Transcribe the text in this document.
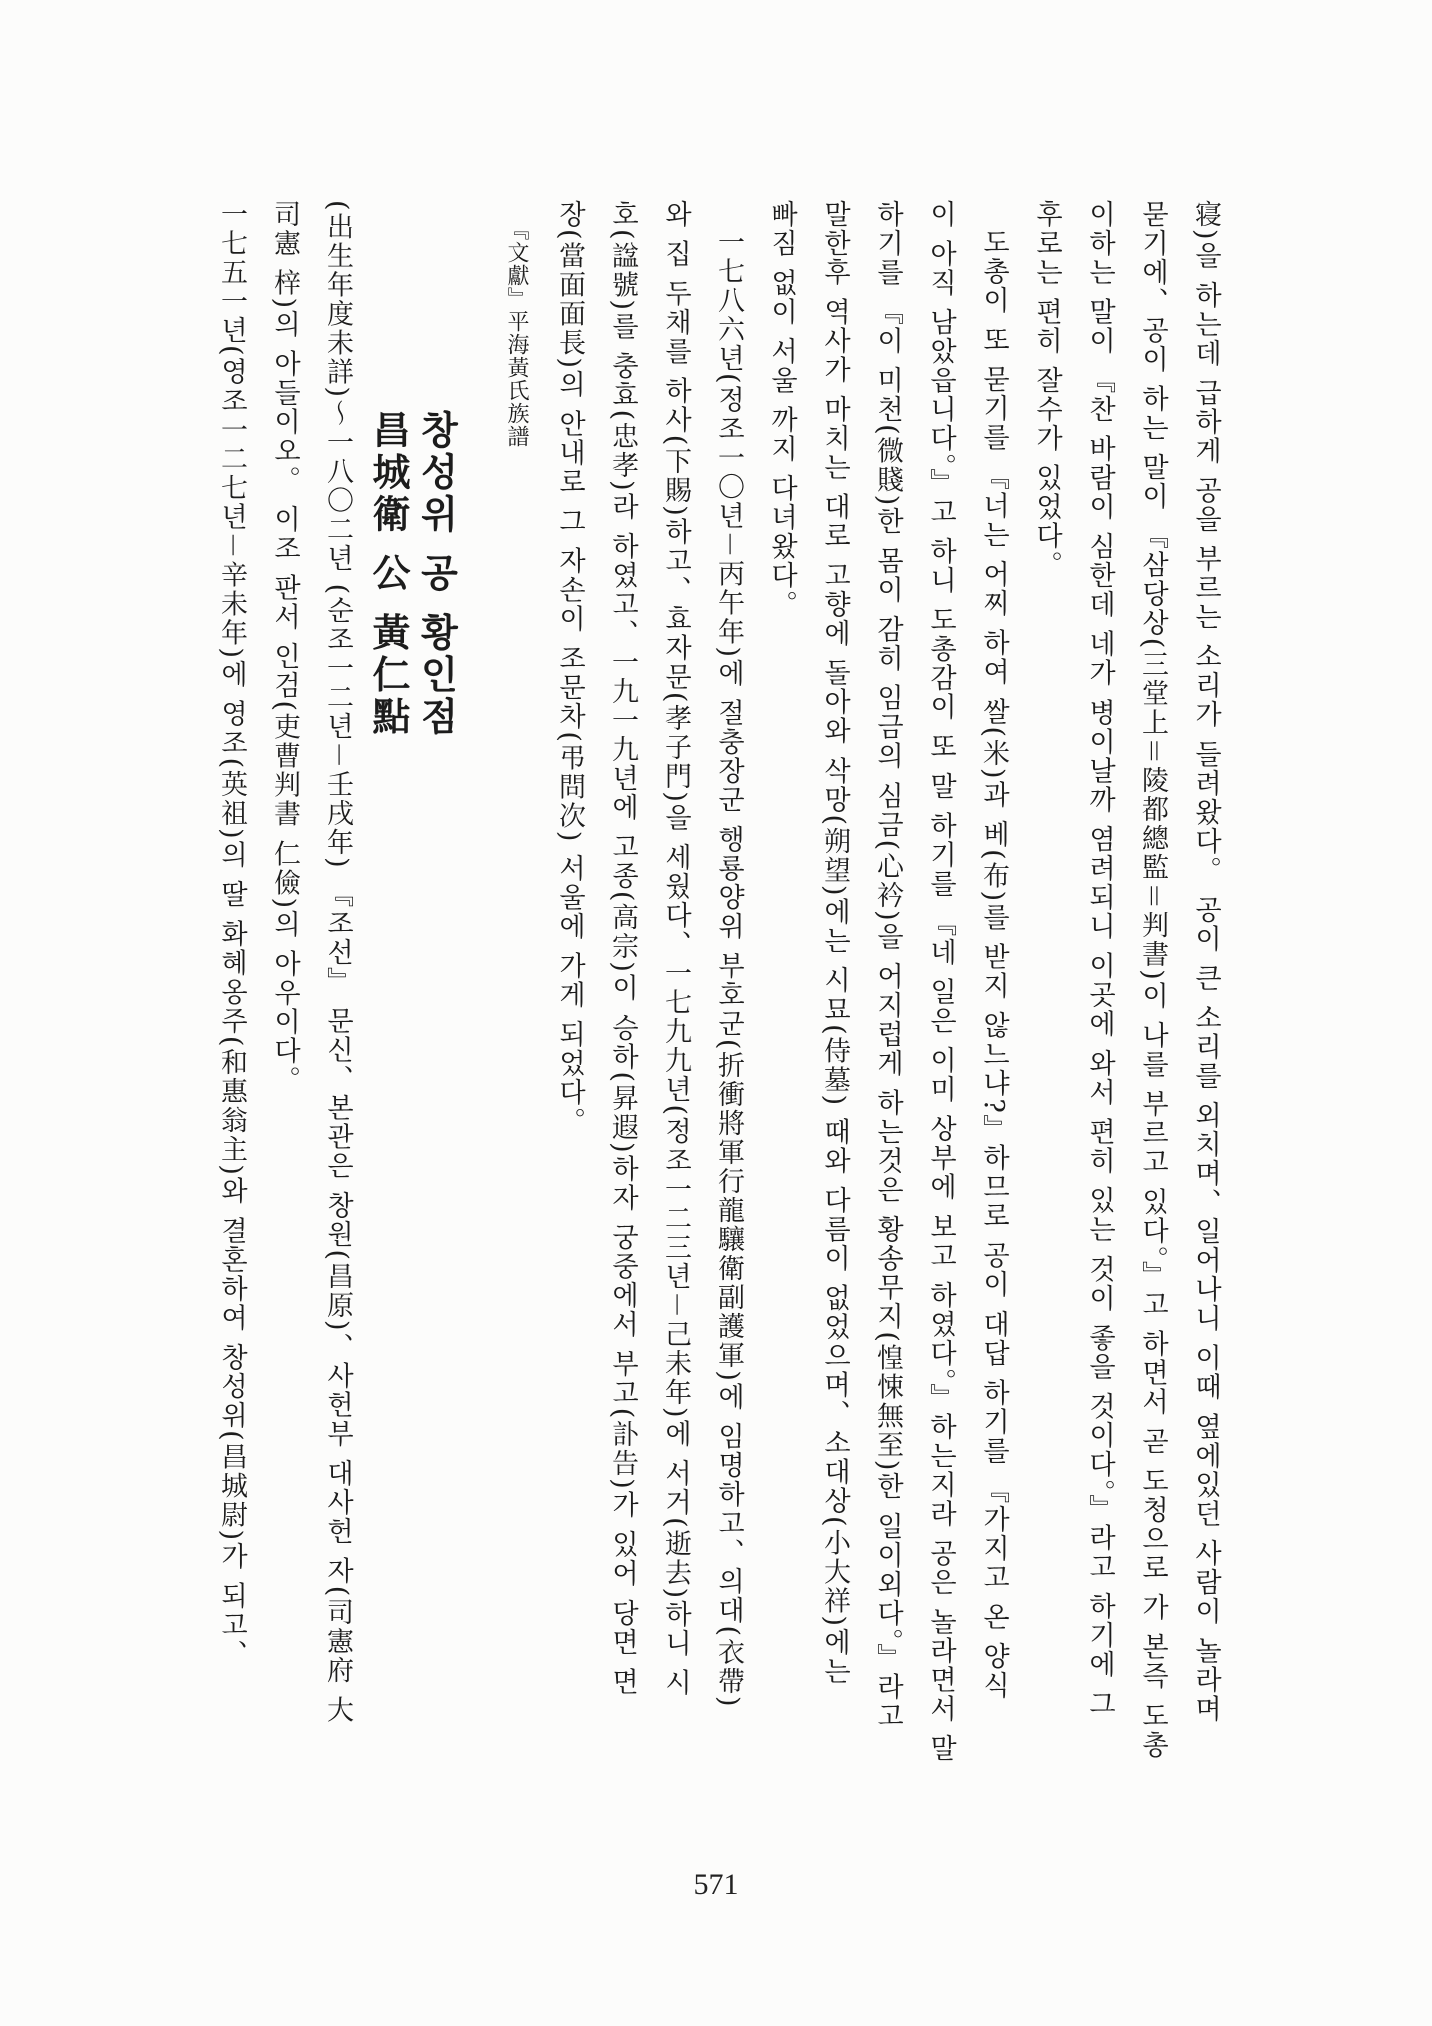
寝)을 하는데 급하게 공을 부르는 소리가 들려왔다。 공이 큰 소리를 외치며、일어나니 이때 옆에있던 사람이 놀라며

묻기에、공이 하는 말이 『삼당상(三堂上＝陵都總監＝判書)이 나를 부르고 있다。』고 하면서 곧 도청으로 가 본즉 도총

이하는 말이 『찬 바람이 심한데 네가 병이날까 염려되니 이곳에 와서 편히 있는 것이 좋을 것이다。』라고 하기에 그

후로는 편히 잘수가 있었다。

도총이 또 묻기를 『너는 어찌 하여 쌀(米)과 베(布)를 받지 않느냐?』하므로 공이 대답 하기를 『가지고 온 양식

이 아직 남았읍니다。』고 하니 도총감이 또 말 하기를 『네 일은 이미 상부에 보고 하였다。』하는지라 공은 놀라면서 말

하기를 『이 미천(微賤)한 몸이 감히 임금의 심금(心衿)을 어지럽게 하는것은 황송무지(惶悚無至)한 일이외다。』라고

말한후 역사가 마치는 대로 고향에 돌아와 삭망(朔望)에는 시묘(侍墓) 때와 다름이 없었으며、소대상(小大祥)에는

빠짐 없이 서울 까지 다녀왔다。

一七八六년(정조一〇년－丙午年)에 절충장군 행룡양위 부호군(折衝將軍行龍驤衛副護軍)에 임명하고、의대(衣帶)

와 집 두채를 하사(下賜)하고、효자문(孝子門)을 세웠다、一七九九년(정조一二三년－己未年)에 서거(逝去)하니 시

호(諡號)를 충효(忠孝)라 하였고、一九一九년에 고종(高宗)이 승하(昇遐)하자 궁중에서 부고(訃告)가 있어 당면 면

장(當面面長)의 안내로 그 자손이 조문차(弔問次) 서울에 가게 되었다。

『文獻』平海黃氏族譜

창성위 공 황인점
昌城衛 公 黃仁點

(出生年度未詳)～一八〇二년 (순조一二년－壬戌年) 『조선』 문신、본관은 창원(昌原)、사헌부 대사헌 자(司憲府 大

司憲 梓)의 아들이오。 이조 판서 인검(吏曹判書 仁儉)의 아우이다。

一七五一년(영조一二七년－辛未年)에 영조(英祖)의 딸 화혜옹주(和惠翁主)와 결혼하여 창성위(昌城尉)가 되고、

571
